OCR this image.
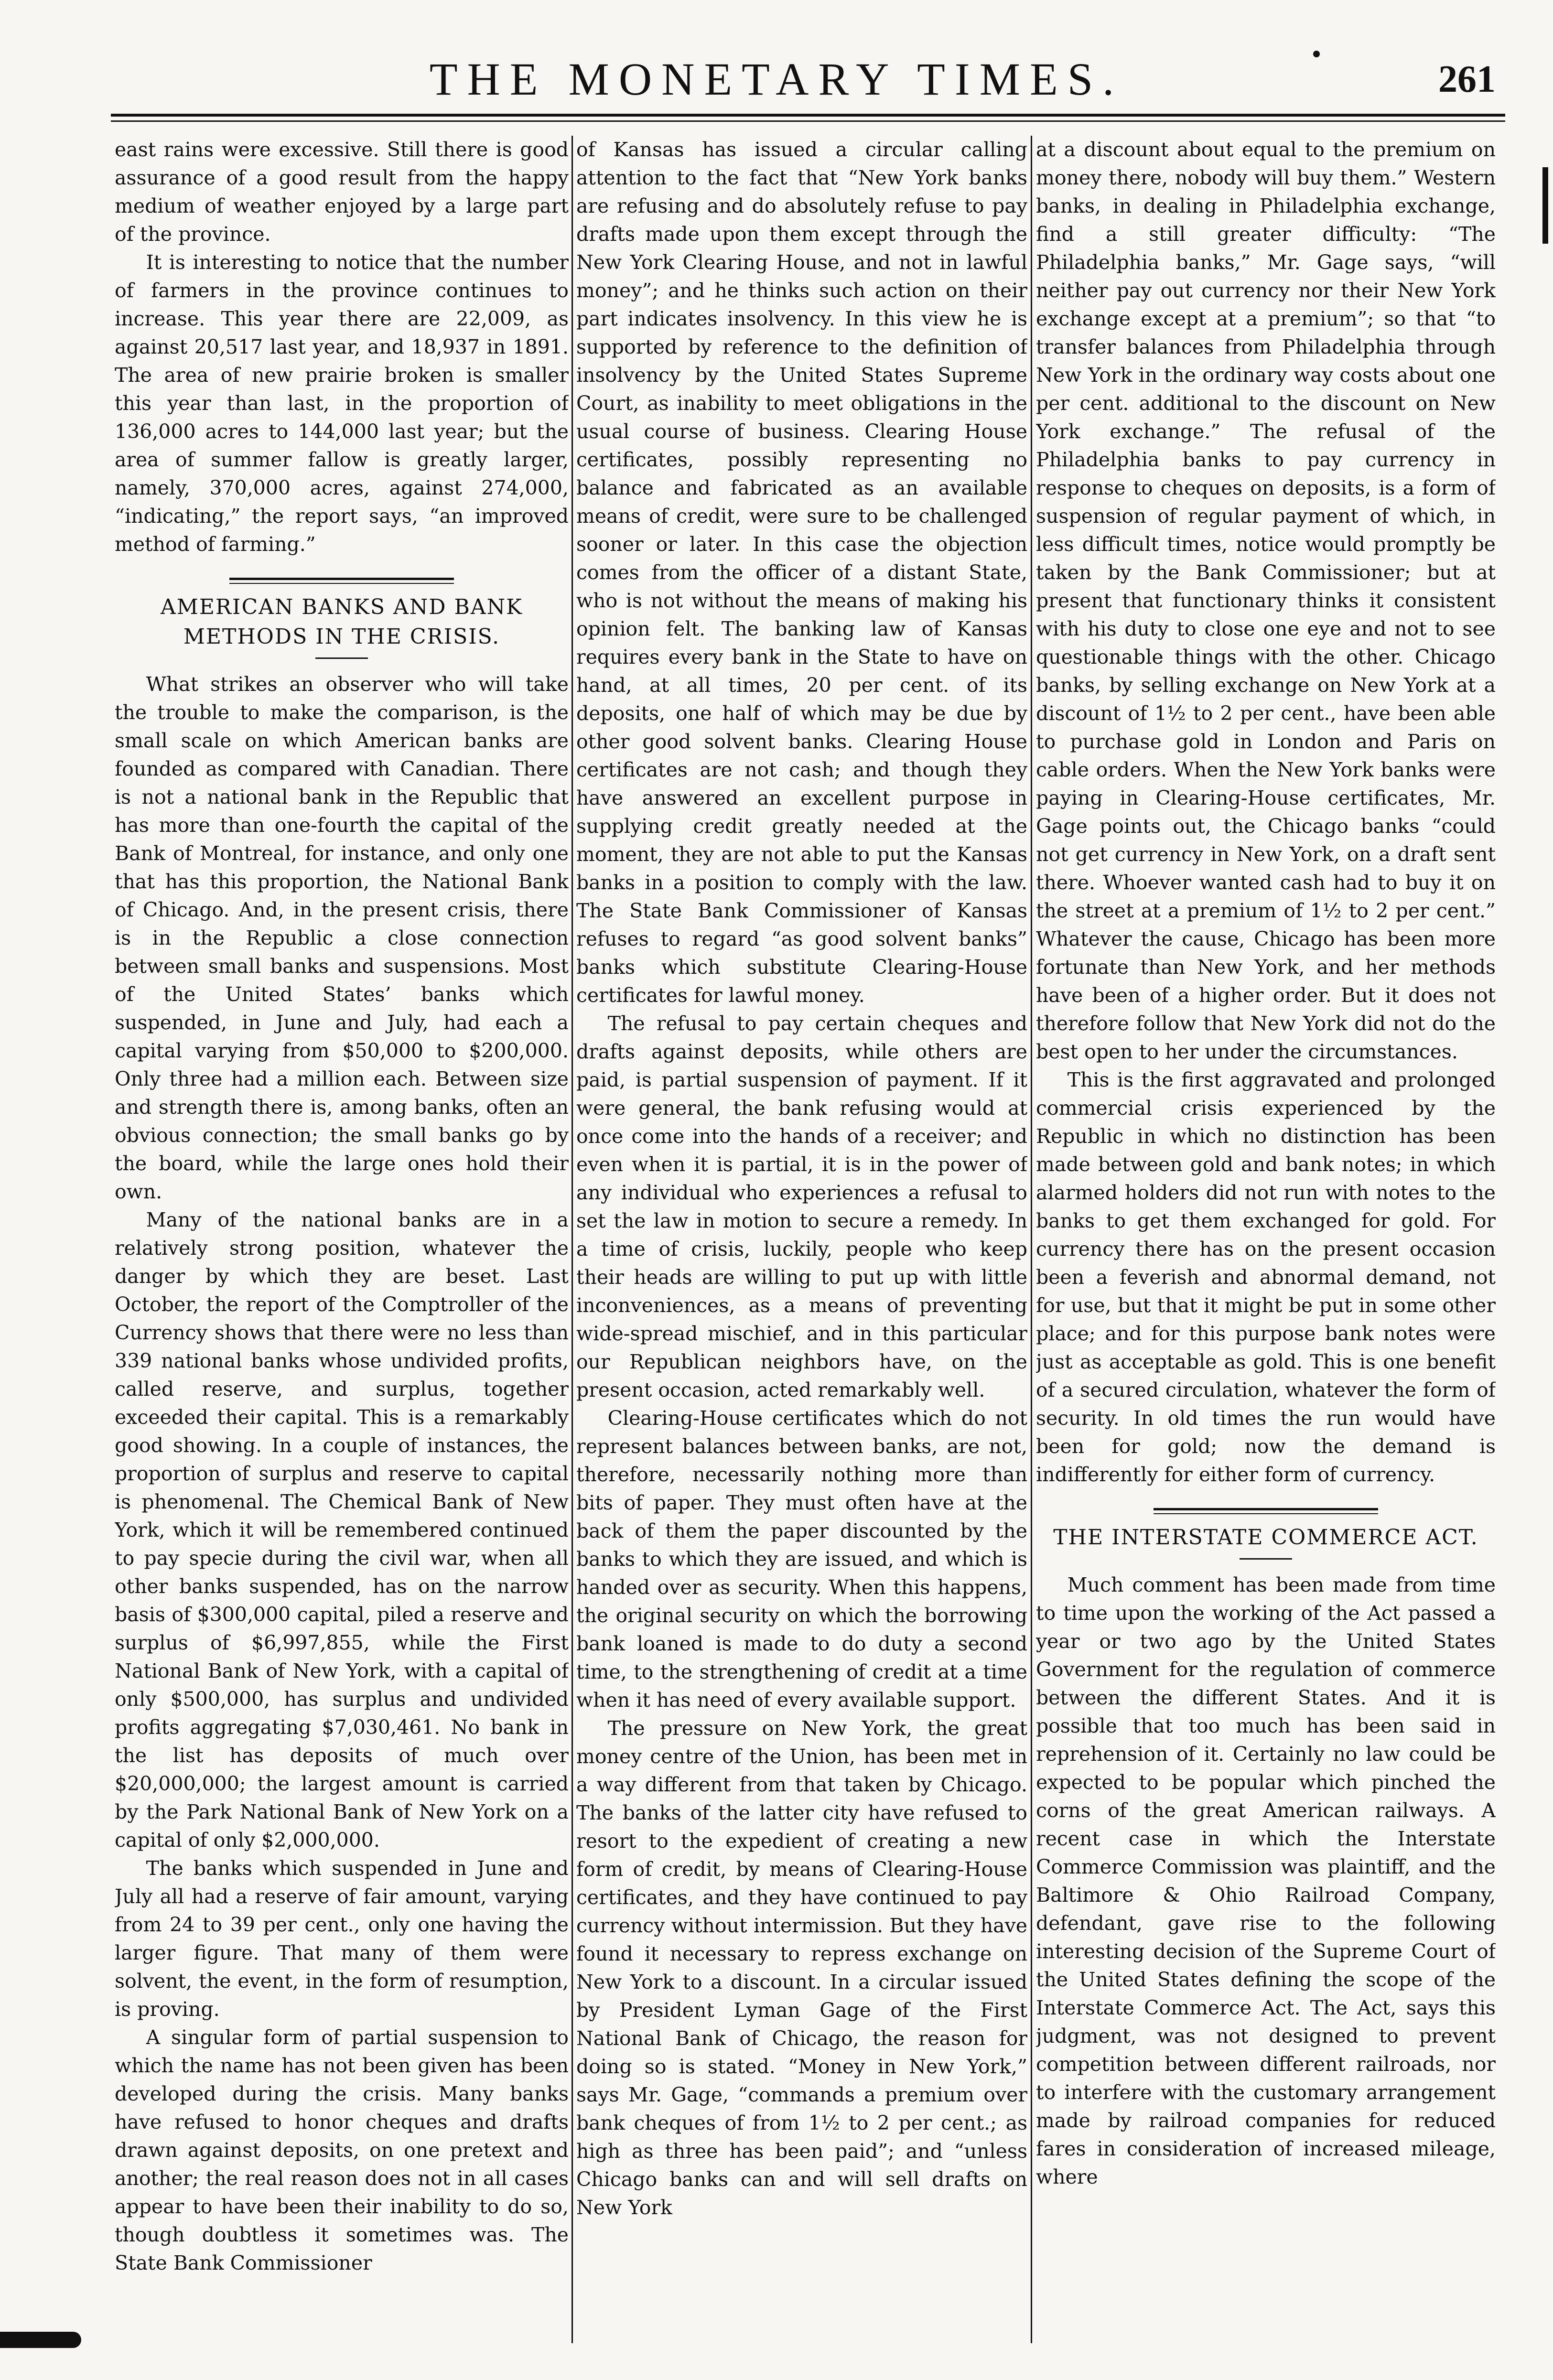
THE MONETARY TIMES.	261

east rains were excessive. Still there is good assurance of a good result from the happy medium of weather enjoyed by a large part of the province.

It is interesting to notice that the number of farmers in the province continues to increase. This year there are 22,009, as against 20,517 last year, and 18,937 in 1891. The area of new prairie broken is smaller this year than last, in the proportion of 136,000 acres to 144,000 last year; but the area of summer fallow is greatly larger, namely, 370,000 acres, against 274,000, “indicating,” the report says, “an improved method of farming.”

AMERICAN BANKS AND BANK METHODS IN THE CRISIS.

What strikes an observer who will take the trouble to make the comparison, is the small scale on which American banks are founded as compared with Canadian. There is not a national bank in the Republic that has more than one-fourth the capital of the Bank of Montreal, for instance, and only one that has this proportion, the National Bank of Chicago. And, in the present crisis, there is in the Republic a close connection between small banks and suspensions. Most of the United States’ banks which suspended, in June and July, had each a capital varying from $50,000 to $200,000. Only three had a million each. Between size and strength there is, among banks, often an obvious connection; the small banks go by the board, while the large ones hold their own.

Many of the national banks are in a relatively strong position, whatever the danger by which they are beset. Last October, the report of the Comptroller of the Currency shows that there were no less than 339 national banks whose undivided profits, called reserve, and surplus, together exceeded their capital. This is a remarkably good showing. In a couple of instances, the proportion of surplus and reserve to capital is phenomenal. The Chemical Bank of New York, which it will be remembered continued to pay specie during the civil war, when all other banks suspended, has on the narrow basis of $300,000 capital, piled a reserve and surplus of $6,997,855, while the First National Bank of New York, with a capital of only $500,000, has surplus and undivided profits aggregating $7,030,461. No bank in the list has deposits of much over $20,000,000; the largest amount is carried by the Park National Bank of New York on a capital of only $2,000,000.

The banks which suspended in June and July all had a reserve of fair amount, varying from 24 to 39 per cent., only one having the larger figure. That many of them were solvent, the event, in the form of resumption, is proving.

A singular form of partial suspension to which the name has not been given has been developed during the crisis. Many banks have refused to honor cheques and drafts drawn against deposits, on one pretext and another; the real reason does not in all cases appear to have been their inability to do so, though doubtless it sometimes was. The State Bank Commissioner

of Kansas has issued a circular calling attention to the fact that “New York banks are refusing and do absolutely refuse to pay drafts made upon them except through the New York Clearing House, and not in lawful money”; and he thinks such action on their part indicates insolvency. In this view he is supported by reference to the definition of insolvency by the United States Supreme Court, as inability to meet obligations in the usual course of business. Clearing House certificates, possibly representing no balance and fabricated as an available means of credit, were sure to be challenged sooner or later. In this case the objection comes from the officer of a distant State, who is not without the means of making his opinion felt. The banking law of Kansas requires every bank in the State to have on hand, at all times, 20 per cent. of its deposits, one half of which may be due by other good solvent banks. Clearing House certificates are not cash; and though they have answered an excellent purpose in supplying credit greatly needed at the moment, they are not able to put the Kansas banks in a position to comply with the law. The State Bank Commissioner of Kansas refuses to regard “as good solvent banks” banks which substitute Clearing-House certificates for lawful money.

The refusal to pay certain cheques and drafts against deposits, while others are paid, is partial suspension of payment. If it were general, the bank refusing would at once come into the hands of a receiver; and even when it is partial, it is in the power of any individual who experiences a refusal to set the law in motion to secure a remedy. In a time of crisis, luckily, people who keep their heads are willing to put up with little inconveniences, as a means of preventing wide-spread mischief, and in this particular our Republican neighbors have, on the present occasion, acted remarkably well.

Clearing-House certificates which do not represent balances between banks, are not, therefore, necessarily nothing more than bits of paper. They must often have at the back of them the paper discounted by the banks to which they are issued, and which is handed over as security. When this happens, the original security on which the borrowing bank loaned is made to do duty a second time, to the strengthening of credit at a time when it has need of every available support.

The pressure on New York, the great money centre of the Union, has been met in a way different from that taken by Chicago. The banks of the latter city have refused to resort to the expedient of creating a new form of credit, by means of Clearing-House certificates, and they have continued to pay currency without intermission. But they have found it necessary to repress exchange on New York to a discount. In a circular issued by President Lyman Gage of the First National Bank of Chicago, the reason for doing so is stated. “Money in New York,” says Mr. Gage, “commands a premium over bank cheques of from 1½ to 2 per cent.; as high as three has been paid”; and “unless Chicago banks can and will sell drafts on New York

at a discount about equal to the premium on money there, nobody will buy them.” Western banks, in dealing in Philadelphia exchange, find a still greater difficulty: “The Philadelphia banks,” Mr. Gage says, “will neither pay out currency nor their New York exchange except at a premium”; so that “to transfer balances from Philadelphia through New York in the ordinary way costs about one per cent. additional to the discount on New York exchange.” The refusal of the Philadelphia banks to pay currency in response to cheques on deposits, is a form of suspension of regular payment of which, in less difficult times, notice would promptly be taken by the Bank Commissioner; but at present that functionary thinks it consistent with his duty to close one eye and not to see questionable things with the other. Chicago banks, by selling exchange on New York at a discount of 1½ to 2 per cent., have been able to purchase gold in London and Paris on cable orders. When the New York banks were paying in Clearing-House certificates, Mr. Gage points out, the Chicago banks “could not get currency in New York, on a draft sent there. Whoever wanted cash had to buy it on the street at a premium of 1½ to 2 per cent.” Whatever the cause, Chicago has been more fortunate than New York, and her methods have been of a higher order. But it does not therefore follow that New York did not do the best open to her under the circumstances.

This is the first aggravated and prolonged commercial crisis experienced by the Republic in which no distinction has been made between gold and bank notes; in which alarmed holders did not run with notes to the banks to get them exchanged for gold. For currency there has on the present occasion been a feverish and abnormal demand, not for use, but that it might be put in some other place; and for this purpose bank notes were just as acceptable as gold. This is one benefit of a secured circulation, whatever the form of security. In old times the run would have been for gold; now the demand is indifferently for either form of currency.

THE INTERSTATE COMMERCE ACT.

Much comment has been made from time to time upon the working of the Act passed a year or two ago by the United States Government for the regulation of commerce between the different States. And it is possible that too much has been said in reprehension of it. Certainly no law could be expected to be popular which pinched the corns of the great American railways. A recent case in which the Interstate Commerce Commission was plaintiff, and the Baltimore & Ohio Railroad Company, defendant, gave rise to the following interesting decision of the Supreme Court of the United States defining the scope of the Interstate Commerce Act. The Act, says this judgment, was not designed to prevent competition between different railroads, nor to interfere with the customary arrangement made by railroad companies for reduced fares in consideration of increased mileage, where
